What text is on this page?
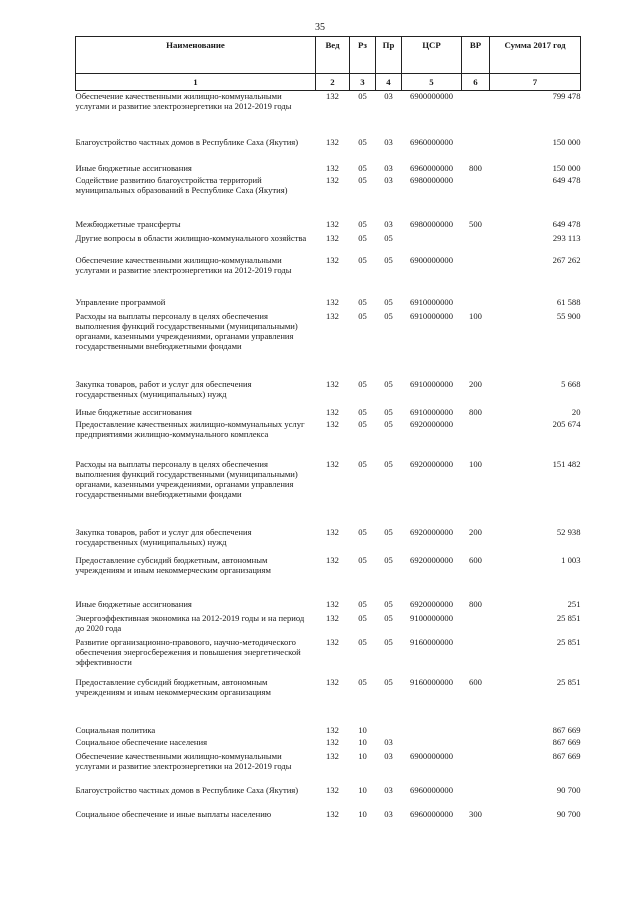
35
Наименование	Вед	Рз	Пр	ЦСР	ВР	Сумма 2017 год
1	2	3	4	5	6	7
Обеспечение качественными жилищно-коммунальными услугами и развитие электроэнергетики на 2012-2019 годы	132	05	03	6900000000		799 478
Благоустройство частных домов в Республике Саха (Якутия)	132	05	03	6960000000		150 000
Иные бюджетные ассигнования	132	05	03	6960000000	800	150 000
Содействие развитию благоустройства территорий муниципальных образований в Республике Саха (Якутия)	132	05	03	6980000000		649 478
Межбюджетные трансферты	132	05	03	6980000000	500	649 478
Другие вопросы в области жилищно-коммунального хозяйства	132	05	05			293 113
Обеспечение качественными жилищно-коммунальными услугами и развитие электроэнергетики на 2012-2019 годы	132	05	05	6900000000		267 262
Управление программой	132	05	05	6910000000		61 588
Расходы на выплаты персоналу в целях обеспечения выполнения функций государственными (муниципальными) органами, казенными учреждениями, органами управления государственными внебюджетными фондами	132	05	05	6910000000	100	55 900
Закупка товаров, работ и услуг для обеспечения государственных (муниципальных) нужд	132	05	05	6910000000	200	5 668
Иные бюджетные ассигнования	132	05	05	6910000000	800	20
Предоставление качественных жилищно-коммунальных услуг предприятиями жилищно-коммунального комплекса	132	05	05	6920000000		205 674
Расходы на выплаты персоналу в целях обеспечения выполнения функций государственными (муниципальными) органами, казенными учреждениями, органами управления государственными внебюджетными фондами	132	05	05	6920000000	100	151 482
Закупка товаров, работ и услуг для обеспечения государственных (муниципальных) нужд	132	05	05	6920000000	200	52 938
Предоставление субсидий бюджетным, автономным учреждениям и иным некоммерческим организациям	132	05	05	6920000000	600	1 003
Иные бюджетные ассигнования	132	05	05	6920000000	800	251
Энергоэффективная экономика на 2012-2019 годы и на период до 2020 года	132	05	05	9100000000		25 851
Развитие организационно-правового, научно-методического обеспечения энергосбережения и повышения энергетической эффективности	132	05	05	9160000000		25 851
Предоставление субсидий бюджетным, автономным учреждениям и иным некоммерческим организациям	132	05	05	9160000000	600	25 851
Социальная политика	132	10				867 669
Социальное обеспечение населения	132	10	03			867 669
Обеспечение качественными жилищно-коммунальными услугами и развитие электроэнергетики на 2012-2019 годы	132	10	03	6900000000		867 669
Благоустройство частных домов в Республике Саха (Якутия)	132	10	03	6960000000		90 700
Социальное обеспечение и иные выплаты населению	132	10	03	6960000000	300	90 700
